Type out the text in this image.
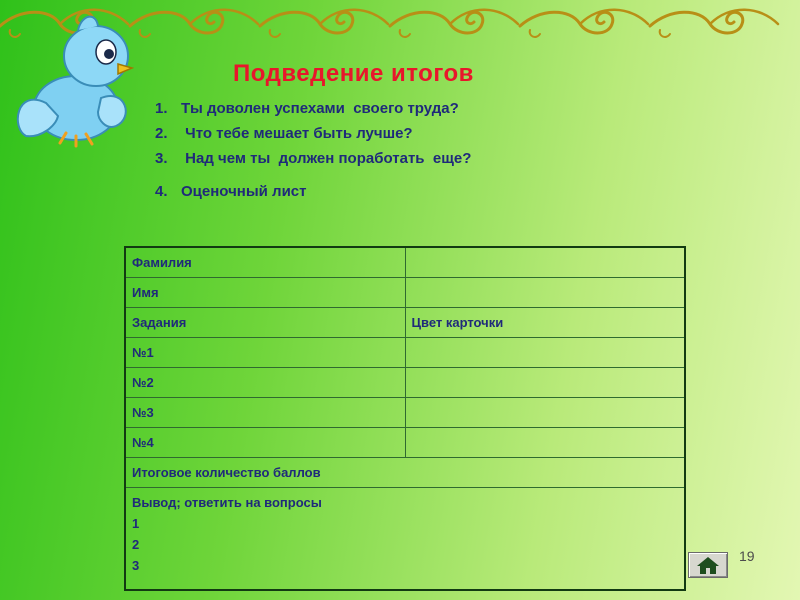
Подведение итогов
1. Ты доволен успехами  своего труда?
2. Что тебе мешает быть лучше?
3. Над чем ты  должен поработать  еще?
4. Оценочный лист
Фамилия	
Имя	
Задания	Цвет карточки
№1	
№2	
№3	
№4	
Итоговое количество баллов	

Вывод; ответить на вопросы
1
2
3	
19
